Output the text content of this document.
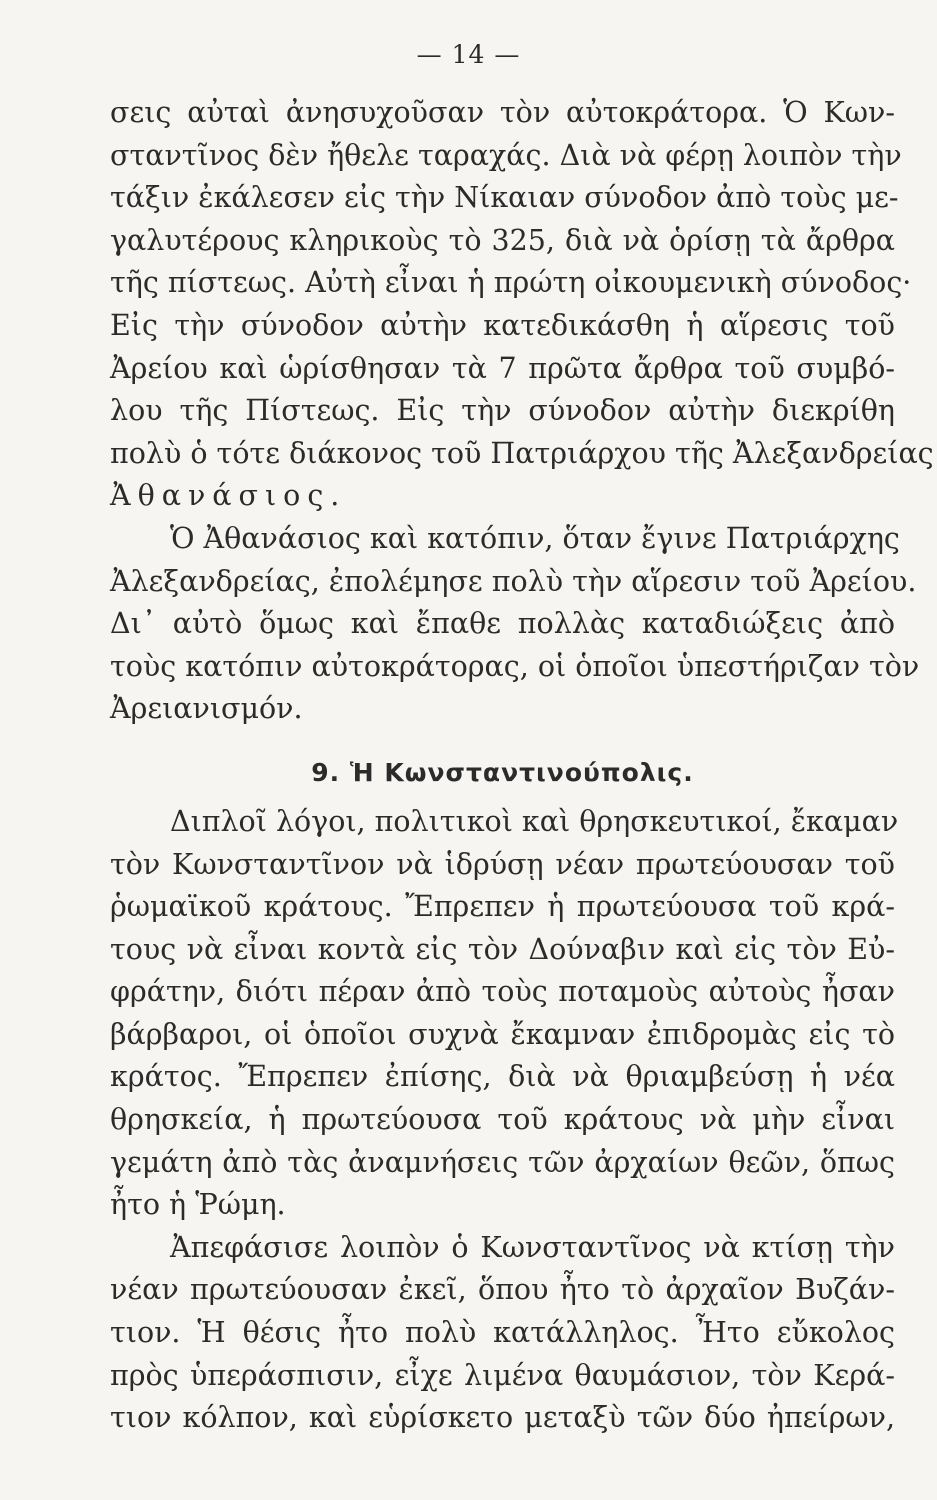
— 14 —
σεις αὐταὶ ἀνησυχοῦσαν τὸν αὐτοκράτορα. Ὁ Κων-
σταντῖνος δὲν ἤθελε ταραχάς. Διὰ νὰ φέρῃ λοιπὸν τὴν
τάξιν ἐκάλεσεν εἰς τὴν Νίκαιαν σύνοδον ἀπὸ τοὺς με-
γαλυτέρους κληρικοὺς τὸ 325, διὰ νὰ ὁρίσῃ τὰ ἄρθρα
τῆς πίστεως. Αὐτὴ εἶναι ἡ πρώτη οἰκουμενικὴ σύνοδος·
Εἰς τὴν σύνοδον αὐτὴν κατεδικάσθη ἡ αἵρεσις τοῦ
Ἀρείου καὶ ὡρίσθησαν τὰ 7 πρῶτα ἄρθρα τοῦ συμβό-
λου τῆς Πίστεως. Εἰς τὴν σύνοδον αὐτὴν διεκρίθη
πολὺ ὁ τότε διάκονος τοῦ Πατριάρχου τῆς Ἀλεξανδρείας
Ἀθανάσιος.
Ὁ Ἀθανάσιος καὶ κατόπιν, ὅταν ἔγινε Πατριάρχης
Ἀλεξανδρείας, ἐπολέμησε πολὺ τὴν αἵρεσιν τοῦ Ἀρείου.
Δι᾽ αὐτὸ ὅμως καὶ ἔπαθε πολλὰς καταδιώξεις ἀπὸ
τοὺς κατόπιν αὐτοκράτορας, οἱ ὁποῖοι ὑπεστήριζαν τὸν
Ἀρειανισμόν.
9. Ἡ Κωνσταντινούπολις.
Διπλοῖ λόγοι, πολιτικοὶ καὶ θρησκευτικοί, ἔκαμαν
τὸν Κωνσταντῖνον νὰ ἱδρύσῃ νέαν πρωτεύουσαν τοῦ
ῥωμαϊκοῦ κράτους. Ἔπρεπεν ἡ πρωτεύουσα τοῦ κρά-
τους νὰ εἶναι κοντὰ εἰς τὸν Δούναβιν καὶ εἰς τὸν Εὐ-
φράτην, διότι πέραν ἀπὸ τοὺς ποταμοὺς αὐτοὺς ἦσαν
βάρβαροι, οἱ ὁποῖοι συχνὰ ἔκαμναν ἐπιδρομὰς εἰς τὸ
κράτος. Ἔπρεπεν ἐπίσης, διὰ νὰ θριαμβεύσῃ ἡ νέα
θρησκεία, ἡ πρωτεύουσα τοῦ κράτους νὰ μὴν εἶναι
γεμάτη ἀπὸ τὰς ἀναμνήσεις τῶν ἀρχαίων θεῶν, ὅπως
ἦτο ἡ Ῥώμη.
Ἀπεφάσισε λοιπὸν ὁ Κωνσταντῖνος νὰ κτίσῃ τὴν
νέαν πρωτεύουσαν ἐκεῖ, ὅπου ἦτο τὸ ἀρχαῖον Βυζάν-
τιον. Ἡ θέσις ἦτο πολὺ κατάλληλος. Ἦτο εὔκολος
πρὸς ὑπεράσπισιν, εἶχε λιμένα θαυμάσιον, τὸν Κερά-
τιον κόλπον, καὶ εὑρίσκετο μεταξὺ τῶν δύο ἠπείρων,
